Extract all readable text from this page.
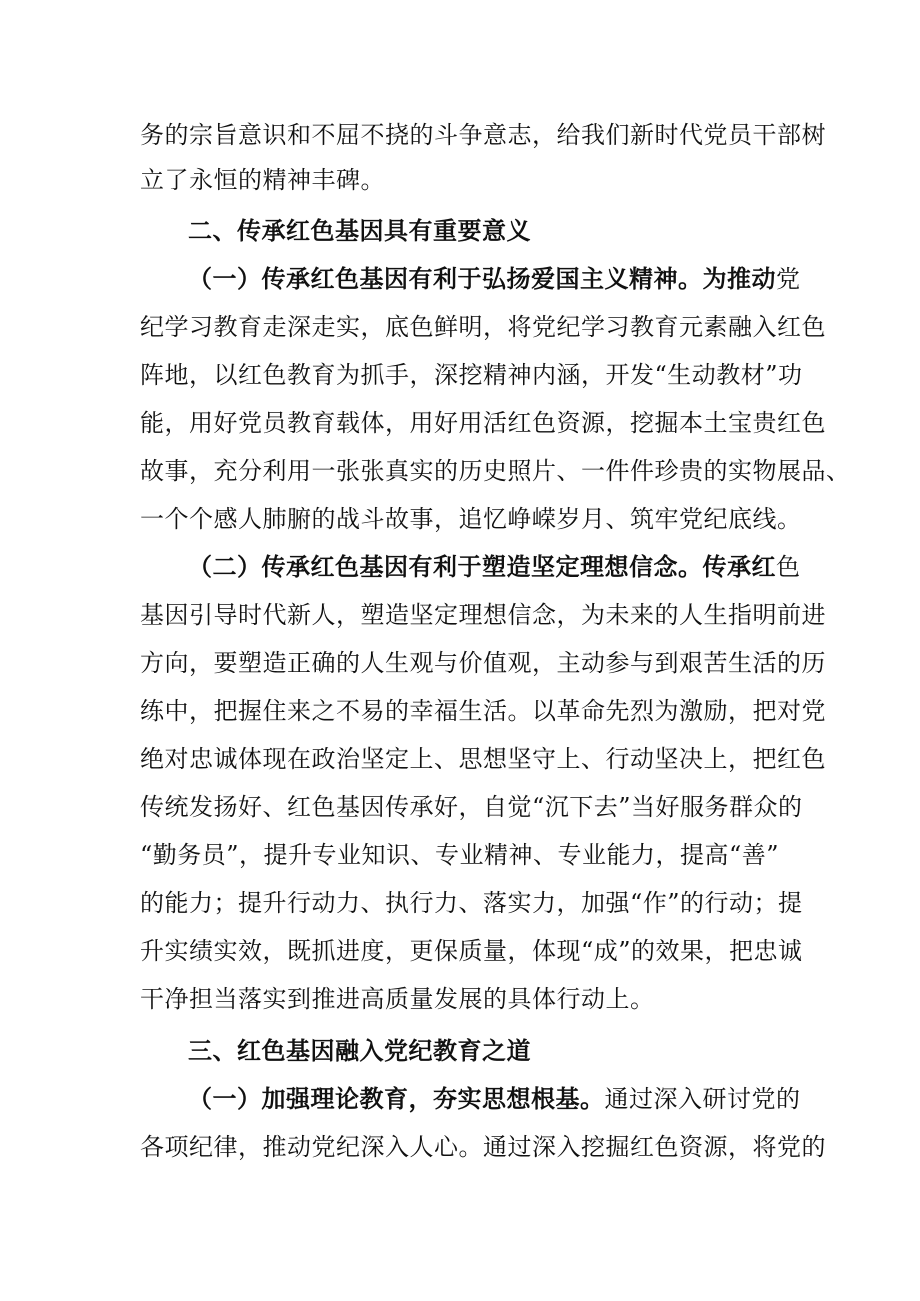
务的宗旨意识和不屈不挠的斗争意志，给我们新时代党员干部树
立了永恒的精神丰碑。
二、传承红色基因具有重要意义
（一）传承红色基因有利于弘扬爱国主义精神。为推动党
纪学习教育走深走实，底色鲜明，将党纪学习教育元素融入红色
阵地，以红色教育为抓手，深挖精神内涵，开发“生动教材”功
能，用好党员教育载体，用好用活红色资源，挖掘本土宝贵红色
故事，充分利用一张张真实的历史照片、一件件珍贵的实物展品、
一个个感人肺腑的战斗故事，追忆峥嵘岁月、筑牢党纪底线。
（二）传承红色基因有利于塑造坚定理想信念。传承红色
基因引导时代新人，塑造坚定理想信念，为未来的人生指明前进
方向，要塑造正确的人生观与价值观，主动参与到艰苦生活的历
练中，把握住来之不易的幸福生活。以革命先烈为激励，把对党
绝对忠诚体现在政治坚定上、思想坚守上、行动坚决上，把红色
传统发扬好、红色基因传承好，自觉“沉下去”当好服务群众的
“勤务员”，提升专业知识、专业精神、专业能力，提高“善”
的能力；提升行动力、执行力、落实力，加强“作”的行动；提
升实绩实效，既抓进度，更保质量，体现“成”的效果，把忠诚
干净担当落实到推进高质量发展的具体行动上。
三、红色基因融入党纪教育之道
（一）加强理论教育，夯实思想根基。通过深入研讨党的
各项纪律，推动党纪深入人心。通过深入挖掘红色资源，将党的
